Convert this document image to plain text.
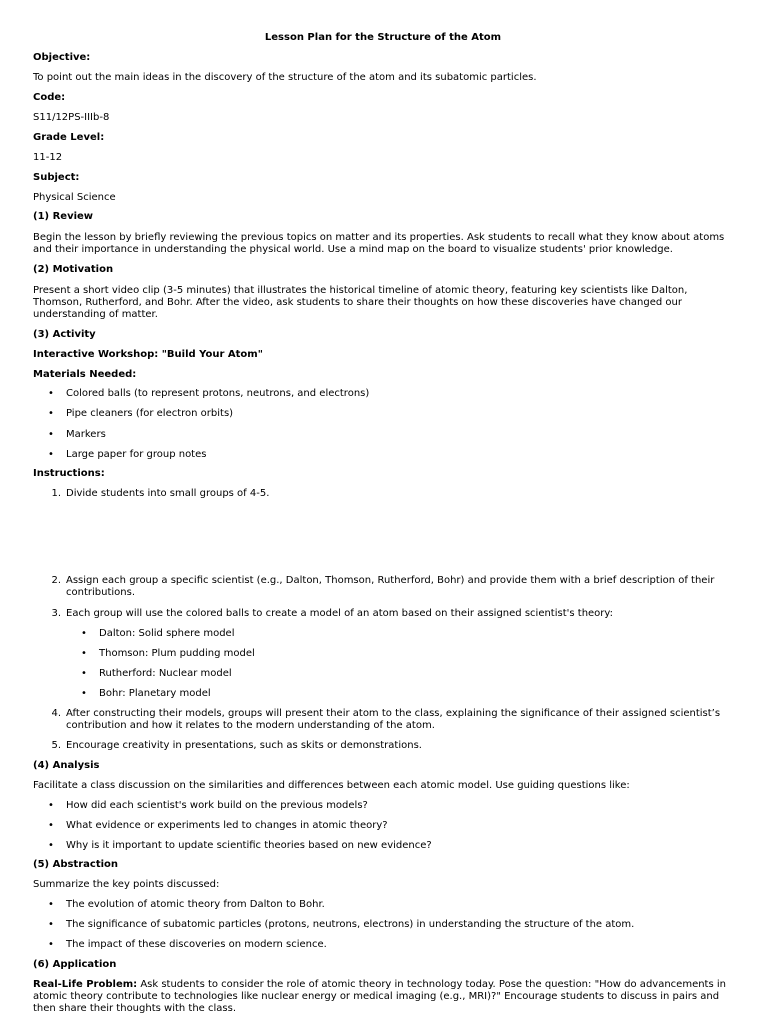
Lesson Plan for the Structure of the Atom
Objective:
To point out the main ideas in the discovery of the structure of the atom and its subatomic particles.
Code:
S11/12PS-IIIb-8
Grade Level:
11-12
Subject:
Physical Science
(1) Review
Begin the lesson by briefly reviewing the previous topics on matter and its properties. Ask students to recall what they know about atoms
and their importance in understanding the physical world. Use a mind map on the board to visualize students' prior knowledge.
(2) Motivation
Present a short video clip (3-5 minutes) that illustrates the historical timeline of atomic theory, featuring key scientists like Dalton,
Thomson, Rutherford, and Bohr. After the video, ask students to share their thoughts on how these discoveries have changed our
understanding of matter.
(3) Activity
Interactive Workshop: "Build Your Atom"
Materials Needed:
• Colored balls (to represent protons, neutrons, and electrons)
• Pipe cleaners (for electron orbits)
• Markers
• Large paper for group notes
Instructions:
1. Divide students into small groups of 4-5.
2. Assign each group a specific scientist (e.g., Dalton, Thomson, Rutherford, Bohr) and provide them with a brief description of their
contributions.
3. Each group will use the colored balls to create a model of an atom based on their assigned scientist's theory:
• Dalton: Solid sphere model
• Thomson: Plum pudding model
• Rutherford: Nuclear model
• Bohr: Planetary model
4. After constructing their models, groups will present their atom to the class, explaining the significance of their assigned scientist’s
contribution and how it relates to the modern understanding of the atom.
5. Encourage creativity in presentations, such as skits or demonstrations.
(4) Analysis
Facilitate a class discussion on the similarities and differences between each atomic model. Use guiding questions like:
• How did each scientist's work build on the previous models?
• What evidence or experiments led to changes in atomic theory?
• Why is it important to update scientific theories based on new evidence?
(5) Abstraction
Summarize the key points discussed:
• The evolution of atomic theory from Dalton to Bohr.
• The significance of subatomic particles (protons, neutrons, electrons) in understanding the structure of the atom.
• The impact of these discoveries on modern science.
(6) Application
Real-Life Problem: Ask students to consider the role of atomic theory in technology today. Pose the question: "How do advancements in
atomic theory contribute to technologies like nuclear energy or medical imaging (e.g., MRI)?" Encourage students to discuss in pairs and
then share their thoughts with the class.
